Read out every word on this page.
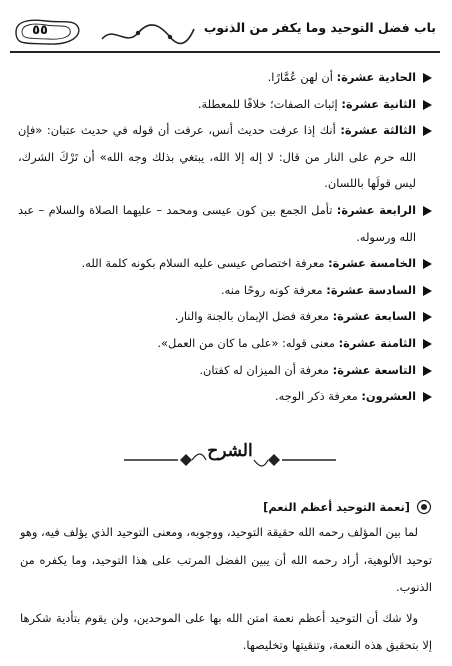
باب فضل التوحيد وما يكفر من الذنوب
٥٥
الحادية عشرة: أن لهن عُمَّارًا.
الثانية عشرة: إثبات الصفات؛ خلافًا للمعطلة.
الثالثة عشرة: أنك إذا عرفت حديث أنس، عرفت أن قوله في حديث عتبان: «فإن الله حرم على النار من قال: لا إله إلا الله، يبتغي بذلك وجه الله» أن تَرْكَ الشرك، ليس قولَها باللسان.
الرابعة عشرة: تأمل الجمع بين كون عيسى ومحمد – عليهما الصلاة والسلام – عبد الله ورسوله.
الخامسة عشرة: معرفة اختصاص عيسى عليه السلام بكونه كلمة الله.
السادسة عشرة: معرفة كونه روحًا منه.
السابعة عشرة: معرفة فضل الإيمان بالجنة والنار.
الثامنة عشرة: معنى قوله: «على ما كان من العمل».
التاسعة عشرة: معرفة أن الميزان له كفتان.
العشرون: معرفة ذكر الوجه.
الشرح
[نعمة التوحيد أعظم النعم]

لما بين المؤلف رحمه الله حقيقة التوحيد، ووجوبه، ومعنى التوحيد الذي يؤلف فيه، وهو توحيد الألوهية، أراد رحمه الله أن يبين الفضل المرتب على هذا التوحيد، وما يكفره من الذنوب.

ولا شك أن التوحيد أعظم نعمة امتن الله بها على الموحدين، ولن يقوم بتأدية شكرها إلا بتحقيق هذه النعمة، وتنقيتها وتخليصها.
